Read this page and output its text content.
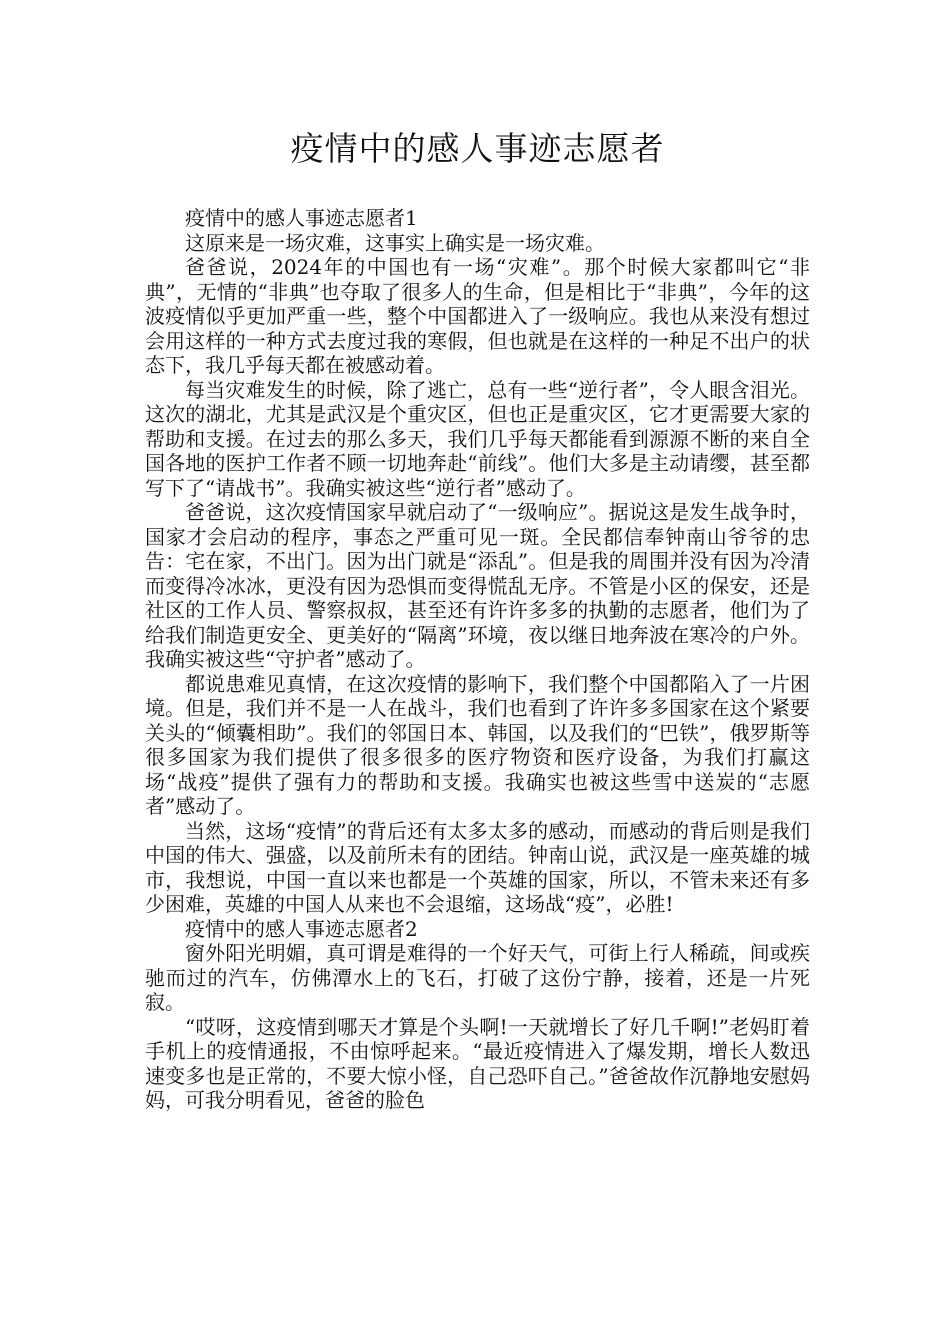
疫情中的感人事迹志愿者

疫情中的感人事迹志愿者1

这原来是一场灾难，这事实上确实是一场灾难。

爸爸说，2024年的中国也有一场“灾难”。那个时候大家都叫它“非典”，无情的“非典”也夺取了很多人的生命，但是相比于“非典”，今年的这波疫情似乎更加严重一些，整个中国都进入了一级响应。我也从来没有想过会用这样的一种方式去度过我的寒假，但也就是在这样的一种足不出户的状态下，我几乎每天都在被感动着。

每当灾难发生的时候，除了逃亡，总有一些“逆行者”，令人眼含泪光。这次的湖北，尤其是武汉是个重灾区，但也正是重灾区，它才更需要大家的帮助和支援。在过去的那么多天，我们几乎每天都能看到源源不断的来自全国各地的医护工作者不顾一切地奔赴“前线”。他们大多是主动请缨，甚至都写下了“请战书”。我确实被这些“逆行者”感动了。

爸爸说，这次疫情国家早就启动了“一级响应”。据说这是发生战争时，国家才会启动的程序，事态之严重可见一斑。全民都信奉钟南山爷爷的忠告：宅在家，不出门。因为出门就是“添乱”。但是我的周围并没有因为冷清而变得冷冰冰，更没有因为恐惧而变得慌乱无序。不管是小区的保安，还是社区的工作人员、警察叔叔，甚至还有许许多多的执勤的志愿者，他们为了给我们制造更安全、更美好的“隔离”环境，夜以继日地奔波在寒冷的户外。我确实被这些“守护者”感动了。

都说患难见真情，在这次疫情的影响下，我们整个中国都陷入了一片困境。但是，我们并不是一人在战斗，我们也看到了许许多多国家在这个紧要关头的“倾囊相助”。我们的邻国日本、韩国，以及我们的“巴铁”，俄罗斯等很多国家为我们提供了很多很多的医疗物资和医疗设备，为我们打赢这场“战疫”提供了强有力的帮助和支援。我确实也被这些雪中送炭的“志愿者”感动了。

当然，这场“疫情”的背后还有太多太多的感动，而感动的背后则是我们中国的伟大、强盛，以及前所未有的团结。钟南山说，武汉是一座英雄的城市，我想说，中国一直以来也都是一个英雄的国家，所以，不管未来还有多少困难，英雄的中国人从来也不会退缩，这场战“疫”，必胜!

疫情中的感人事迹志愿者2

窗外阳光明媚，真可谓是难得的一个好天气，可街上行人稀疏，间或疾驰而过的汽车，仿佛潭水上的飞石，打破了这份宁静，接着，还是一片死寂。

“哎呀，这疫情到哪天才算是个头啊!一天就增长了好几千啊!”老妈盯着手机上的疫情通报，不由惊呼起来。“最近疫情进入了爆发期，增长人数迅速变多也是正常的，不要大惊小怪，自己恐吓自己。”爸爸故作沉静地安慰妈妈，可我分明看见，爸爸的脸色
